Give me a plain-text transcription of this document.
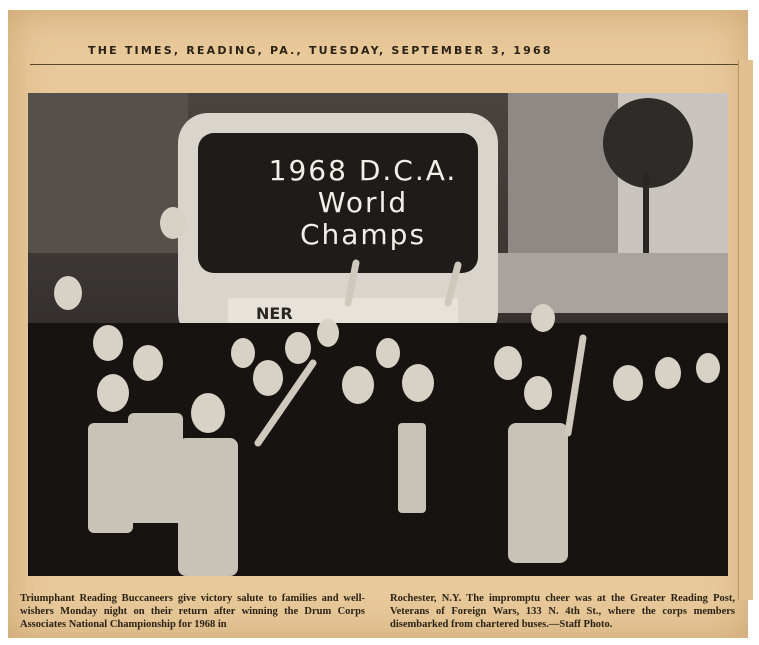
THE TIMES, READING, PA., TUESDAY, SEPTEMBER 3, 1968
NER
1968 D.C.A.
World
Champs
Triumphant Reading Buccaneers give victory salute to families and well-wishers Monday night on their return after winning the Drum Corps Associates National Championship for 1968 in
Rochester, N.Y. The impromptu cheer was at the Greater Reading Post, Veterans of Foreign Wars, 133 N. 4th St., where the corps members disembarked from chartered buses.—Staff Photo.
